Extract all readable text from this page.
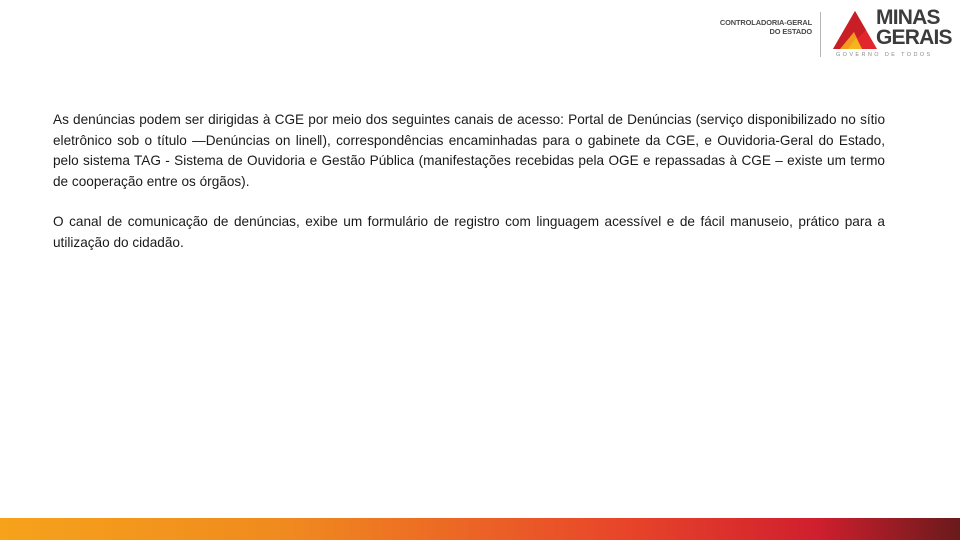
CONTROLADORIA-GERAL
DO ESTADO
MINAS
GERAIS
GOVERNO DE TODOS

As denúncias podem ser dirigidas à CGE por meio dos seguintes canais de acesso: Portal de Denúncias (serviço disponibilizado no sítio eletrônico sob o título ―Denúncias on line‖), correspondências encaminhadas para o gabinete da CGE, e Ouvidoria-Geral do Estado, pelo sistema TAG - Sistema de Ouvidoria e Gestão Pública (manifestações recebidas pela OGE e repassadas à CGE – existe um termo de cooperação entre os órgãos).

O canal de comunicação de denúncias, exibe um formulário de registro com linguagem acessível e de fácil manuseio, prático para a utilização do cidadão.
